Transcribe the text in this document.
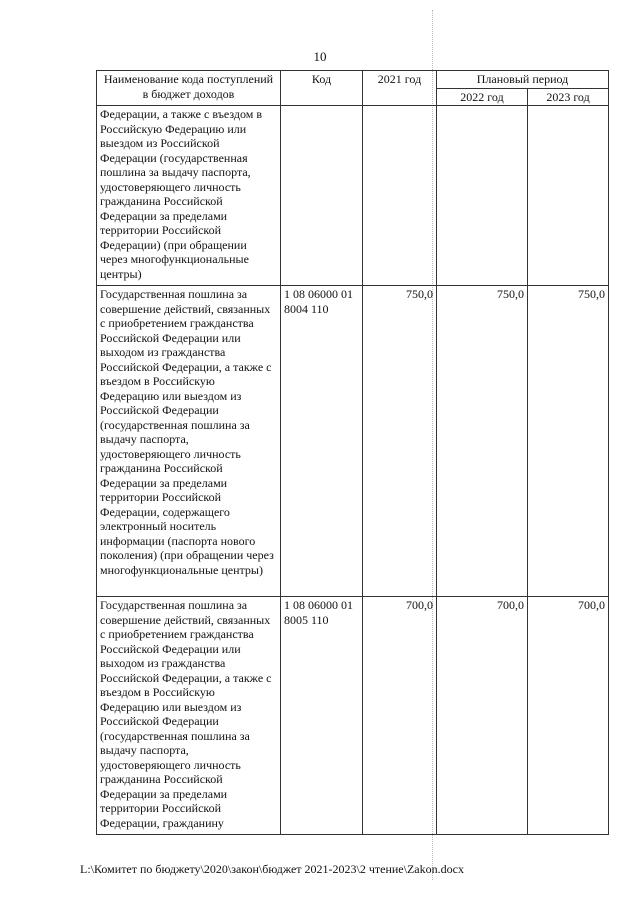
10
Наименование кода поступлений в бюджет доходов	Код	2021 год	Плановый период	
			2022 год	2023 год
Федерации, а также с въездом в Российскую Федерацию или выездом из Российской Федерации (государственная пошлина за выдачу паспорта, удостоверяющего личность гражданина Российской Федерации за пределами территории Российской Федерации) (при обращении через многофункциональные центры)				
Государственная пошлина за совершение действий, связанных с приобретением гражданства Российской Федерации или выходом из гражданства Российской Федерации, а также с въездом в Российскую Федерацию или выездом из Российской Федерации (государственная пошлина за выдачу паспорта, удостоверяющего личность гражданина Российской Федерации за пределами территории Российской Федерации, содержащего электронный носитель информации (паспорта нового поколения) (при обращении через многофункциональные центры)	1 08 06000 01 8004 110	750,0	750,0	750,0
Государственная пошлина за совершение действий, связанных с приобретением гражданства Российской Федерации или выходом из гражданства Российской Федерации, а также с въездом в Российскую Федерацию или выездом из Российской Федерации (государственная пошлина за выдачу паспорта, удостоверяющего личность гражданина Российской Федерации за пределами территории Российской Федерации, гражданину	1 08 06000 01 8005 110	700,0	700,0	700,0
L:\Комитет по бюджету\2020\закон\бюджет 2021-2023\2 чтение\Zakon.docx
